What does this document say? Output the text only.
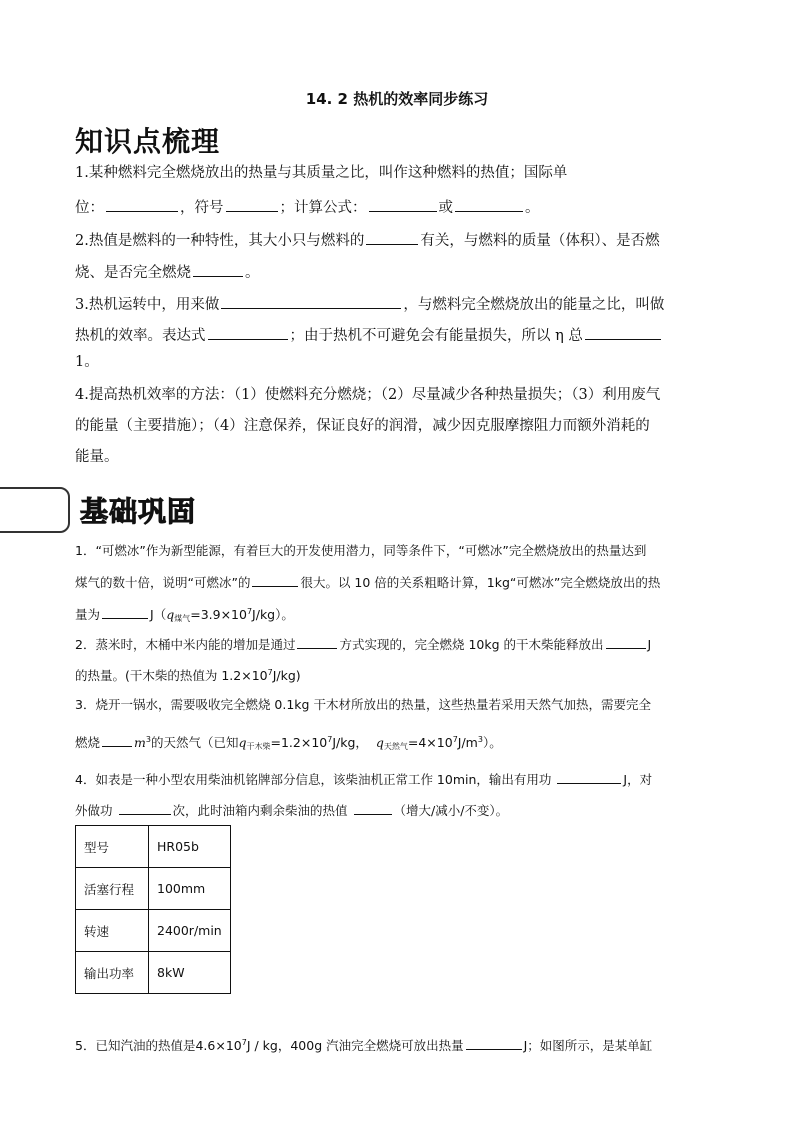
14. 2 热机的效率同步练习
知识点梳理
1.某种燃料完全燃烧放出的热量与其质量之比，叫作这种燃料的热值；国际单
位：	，符号	；计算公式：	或	。
2.热值是燃料的一种特性，其大小只与燃料的	有关，与燃料的质量（体积）、是否燃
烧、是否完全燃烧	。
3.热机运转中，用来做	，与燃料完全燃烧放出的能量之比，叫做
热机的效率。表达式	；由于热机不可避免会有能量损失，所以 η 总
1。
4.提高热机效率的方法：（1）使燃料充分燃烧；（2）尽量减少各种热量损失；（3）利用废气
的能量（主要措施）；（4）注意保养，保证良好的润滑，减少因克服摩擦阻力而额外消耗的
能量。
基础巩固
1．“可燃冰”作为新型能源，有着巨大的开发使用潜力，同等条件下，“可燃冰”完全燃烧放出的热量达到
煤气的数十倍，说明“可燃冰”的	很大。以 10 倍的关系粗略计算，1kg“可燃冰”完全燃烧放出的热
量为	$J(q_{煤气}=3.9\times 10^7J/kg)$。
2．蒸米时，木桶中米内能的增加是通过	方式实现的，完全燃烧 10kg 的干木柴能释放出	J
的热量。(干木柴的热值为 $1.2\times 10^7J/kg$)
3．烧开一锅水，需要吸收完全燃烧 0.1kg 干木材所放出的热量，这些热量若采用天然气加热，需要完全
燃烧	$m^3$的天然气（已知$q_{干木柴}=1.2\times 10^7J/kg$， $q_{天然气}=4\times 10^7J/m^3$）。
4．如表是一种小型农用柴油机铭牌部分信息，该柴油机正常工作 10min，输出有用功	J，对
外做功	次，此时油箱内剩余柴油的热值	（增大/减小/不变）。
型号	HR05b
活塞行程	100mm
转速	2400r/min
输出功率	8kW
5．已知汽油的热值是$4.6\times 10^7J$ / kg，400g 汽油完全燃烧可放出热量	J；如图所示，是某单缸
